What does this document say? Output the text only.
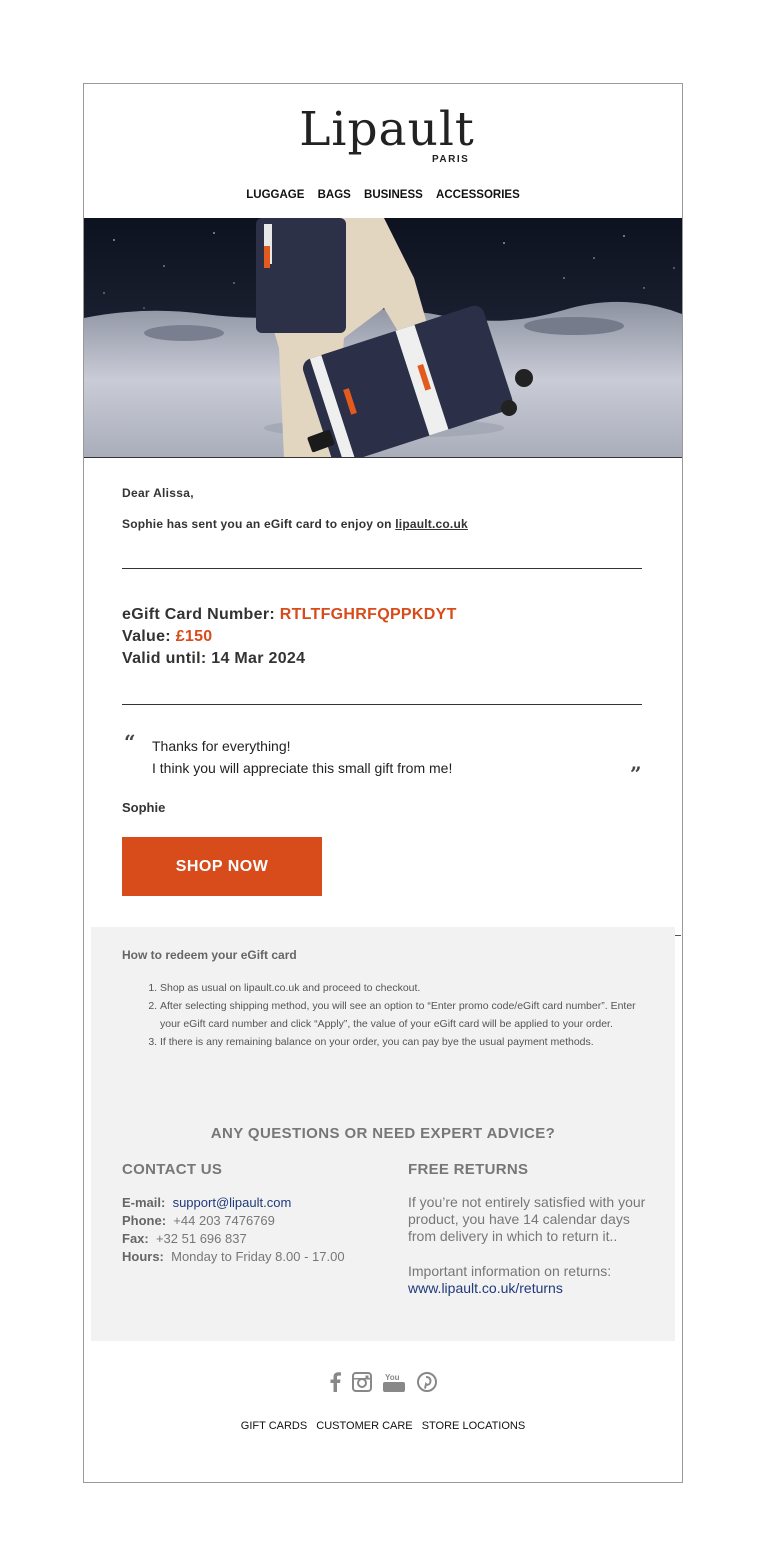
Lipault
PARIS
LUGGAGE BAGS BUSINESS ACCESSORIES
Dear Alissa,
Sophie has sent you an eGift card to enjoy on lipault.co.uk
eGift Card Number: RTLTFGHRFQPPKDYT
Value: £150
Valid until: 14 Mar 2024
“ Thanks for everything!
I think you will appreciate this small gift from me!	”
Sophie
SHOP NOW
How to redeem your eGift card
1. Shop as usual on lipault.co.uk and proceed to checkout.
2. After selecting shipping method, you will see an option to “Enter promo code/eGift card number”. Enter your eGift card number and click “Apply”, the value of your eGift card will be applied to your order.
3. If there is any remaining balance on your order, you can pay bye the usual payment methods.
ANY QUESTIONS OR NEED EXPERT ADVICE?
CONTACT US	FREE RETURNS
E-mail: support@lipault.com
Phone: +44 203 7476769
Fax: +32 51 696 837
Hours: Monday to Friday 8.00 - 17.00
If you’re not entirely satisfied with your product, you have 14 calendar days from delivery in which to return it..
Important information on returns:
www.lipault.co.uk/returns

You

GIFT CARDS CUSTOMER CARE STORE LOCATIONS
